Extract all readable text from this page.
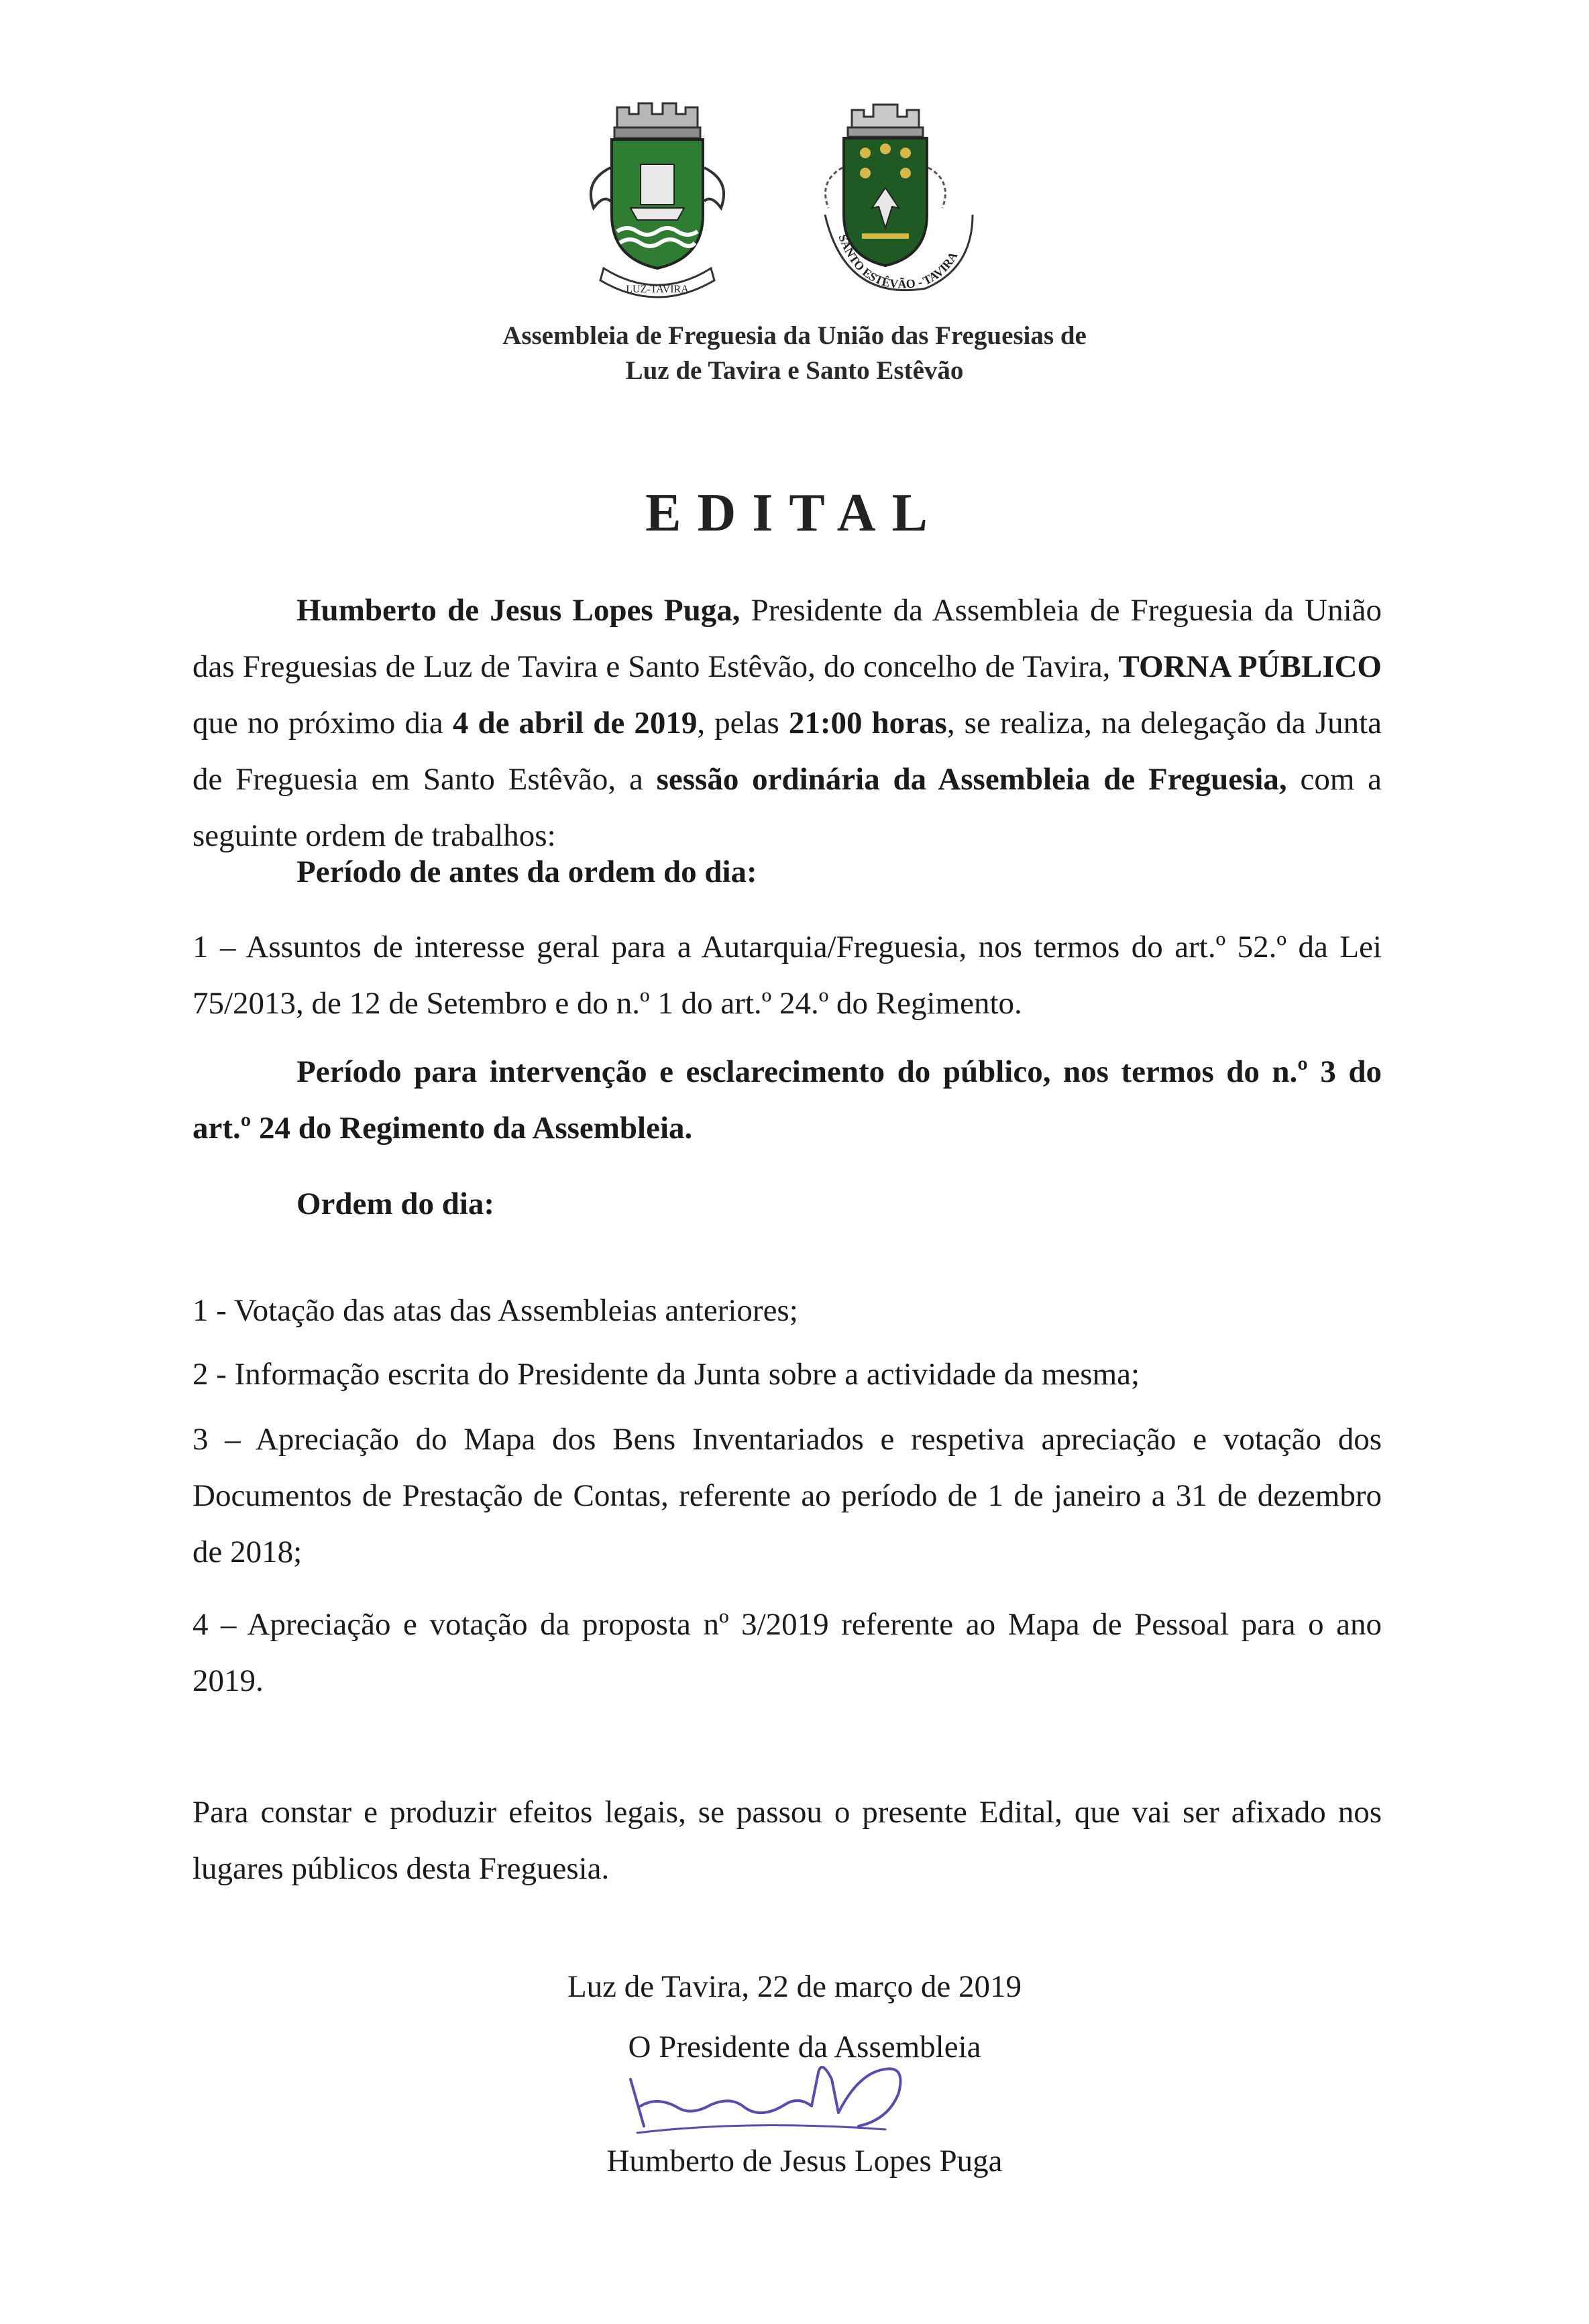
LUZ-TAVIRA
SANTO ESTÊVÃO - TAVIRA
Assembleia de Freguesia da União das Freguesias de
Luz de Tavira e Santo Estêvão
EDITAL

Humberto de Jesus Lopes Puga, Presidente da Assembleia de Freguesia da União das Freguesias de Luz de Tavira e Santo Estêvão, do concelho de Tavira, TORNA PÚBLICO que no próximo dia 4 de abril de 2019, pelas 21:00 horas, se realiza, na delegação da Junta de Freguesia em Santo Estêvão, a sessão ordinária da Assembleia de Freguesia, com a seguinte ordem de trabalhos:

Período de antes da ordem do dia:

1 – Assuntos de interesse geral para a Autarquia/Freguesia, nos termos do art.º 52.º da Lei 75/2013, de 12 de Setembro e do n.º 1 do art.º 24.º do Regimento.

Período para intervenção e esclarecimento do público, nos termos do n.º 3 do art.º 24 do Regimento da Assembleia.

Ordem do dia:

1 - Votação das atas das Assembleias anteriores;

2 - Informação escrita do Presidente da Junta sobre a actividade da mesma;

3 – Apreciação do Mapa dos Bens Inventariados e respetiva apreciação e votação dos Documentos de Prestação de Contas, referente ao período de 1 de janeiro a 31 de dezembro de 2018;

4 – Apreciação e votação da proposta nº 3/2019 referente ao Mapa de Pessoal para o ano 2019.

Para constar e produzir efeitos legais, se passou o presente Edital, que vai ser afixado nos lugares públicos desta Freguesia.

Luz de Tavira, 22 de março de 2019
O Presidente da Assembleia
Humberto de Jesus Lopes Puga
